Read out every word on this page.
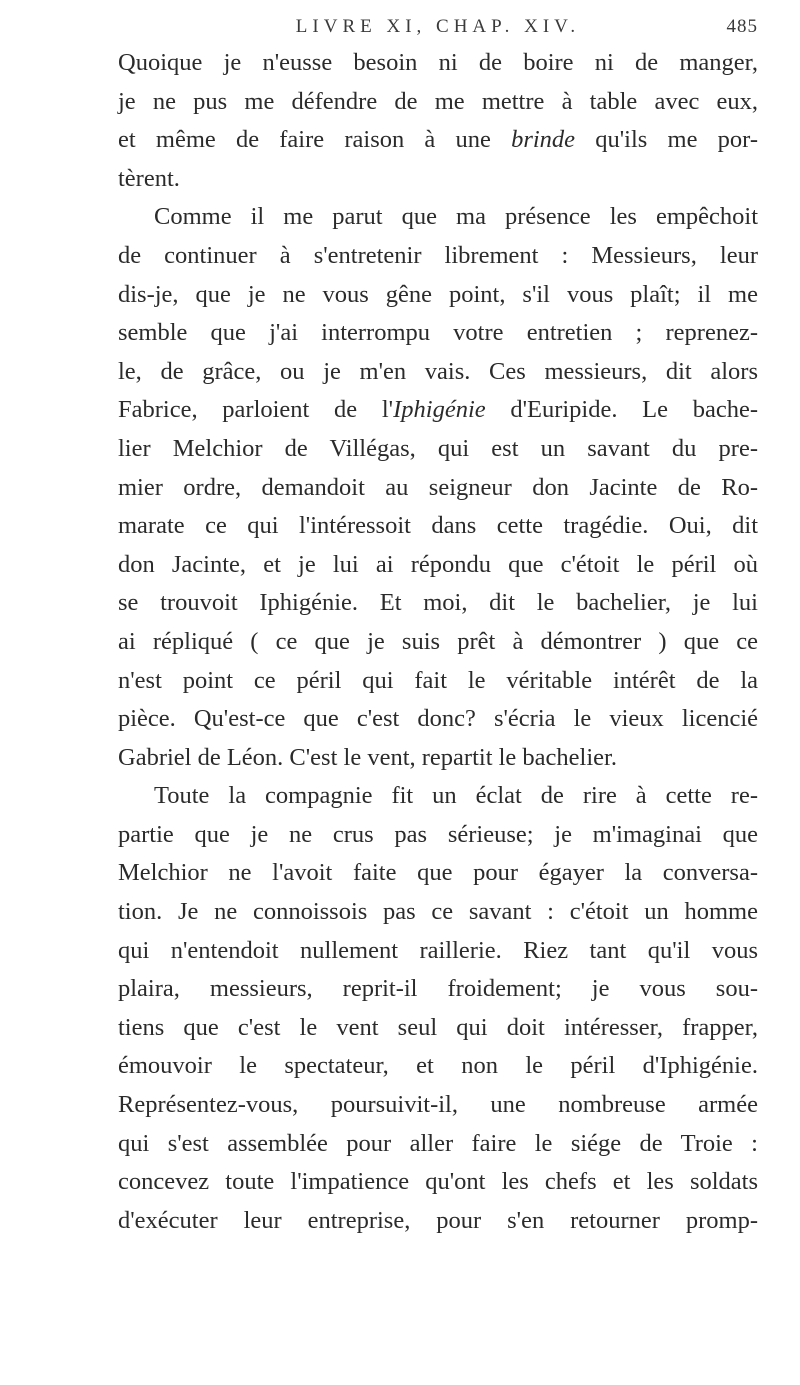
LIVRE XI, CHAP. XIV.	485

Quoique je n'eusse besoin ni de boire ni de manger,
je ne pus me défendre de me mettre à table avec eux,
et même de faire raison à une brinde qu'ils me por-
tèrent.

Comme il me parut que ma présence les empêchoit
de continuer à s'entretenir librement : Messieurs, leur
dis-je, que je ne vous gêne point, s'il vous plaît; il me
semble que j'ai interrompu votre entretien ; reprenez-
le, de grâce, ou je m'en vais. Ces messieurs, dit alors
Fabrice, parloient de l'Iphigénie d'Euripide. Le bache-
lier Melchior de Villégas, qui est un savant du pre-
mier ordre, demandoit au seigneur don Jacinte de Ro-
marate ce qui l'intéressoit dans cette tragédie. Oui, dit
don Jacinte, et je lui ai répondu que c'étoit le péril où
se trouvoit Iphigénie. Et moi, dit le bachelier, je lui
ai répliqué ( ce que je suis prêt à démontrer ) que ce
n'est point ce péril qui fait le véritable intérêt de la
pièce. Qu'est-ce que c'est donc? s'écria le vieux licencié
Gabriel de Léon. C'est le vent, repartit le bachelier.

Toute la compagnie fit un éclat de rire à cette re-
partie que je ne crus pas sérieuse; je m'imaginai que
Melchior ne l'avoit faite que pour égayer la conversa-
tion. Je ne connoissois pas ce savant : c'étoit un homme
qui n'entendoit nullement raillerie. Riez tant qu'il vous
plaira, messieurs, reprit-il froidement; je vous sou-
tiens que c'est le vent seul qui doit intéresser, frapper,
émouvoir le spectateur, et non le péril d'Iphigénie.
Représentez-vous, poursuivit-il, une nombreuse armée
qui s'est assemblée pour aller faire le siége de Troie :
concevez toute l'impatience qu'ont les chefs et les soldats
d'exécuter leur entreprise, pour s'en retourner promp-
